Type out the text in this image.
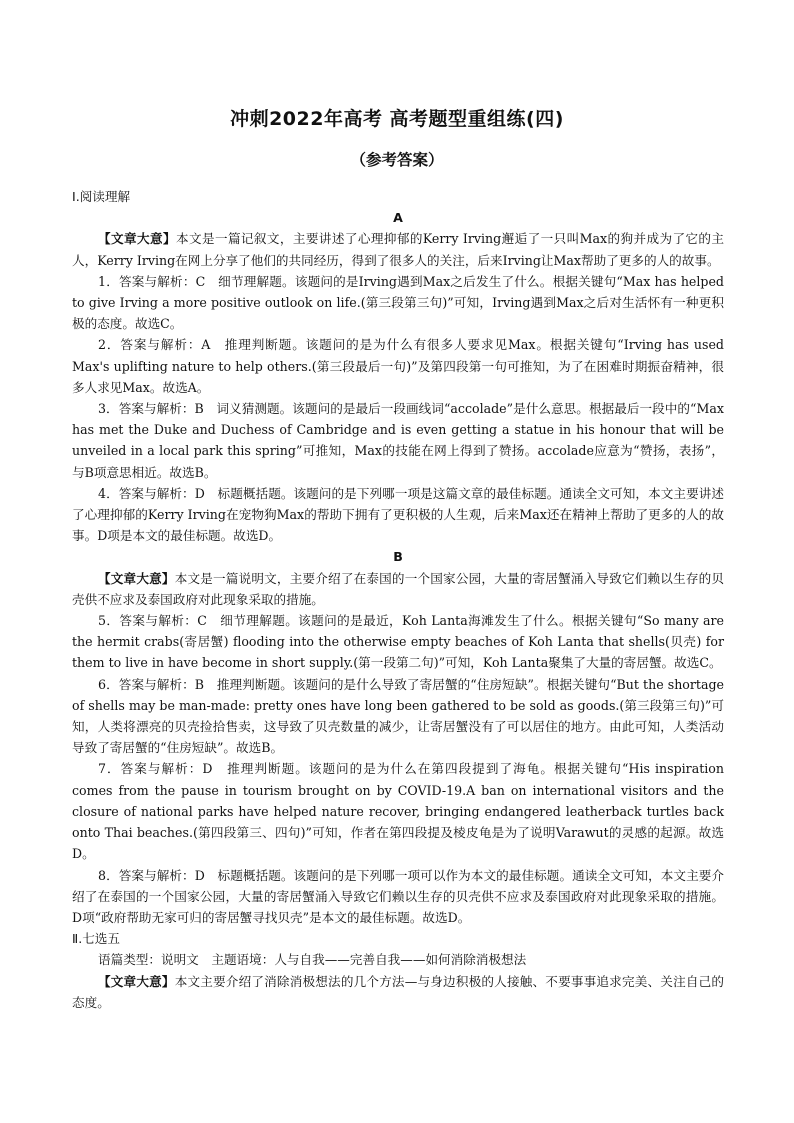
冲刺2022年高考 高考题型重组练(四)
（参考答案）

Ⅰ.阅读理解

A

【文章大意】本文是一篇记叙文，主要讲述了心理抑郁的Kerry Irving邂逅了一只叫Max的狗并成为了它的主人，Kerry Irving在网上分享了他们的共同经历，得到了很多人的关注，后来Irving让Max帮助了更多的人的故事。

1．答案与解析：C　细节理解题。该题问的是Irving遇到Max之后发生了什么。根据关键句“Max has helped to give Irving a more positive outlook on life.(第三段第三句)”可知，Irving遇到Max之后对生活怀有一种更积极的态度。故选C。

2．答案与解析：A　推理判断题。该题问的是为什么有很多人要求见Max。根据关键句“Irving has used Max's uplifting nature to help others.(第三段最后一句)”及第四段第一句可推知，为了在困难时期振奋精神，很多人求见Max。故选A。

3．答案与解析：B　词义猜测题。该题问的是最后一段画线词“accolade”是什么意思。根据最后一段中的“Max has met the Duke and Duchess of Cambridge and is even getting a statue in his honour that will be unveiled in a local park this spring”可推知，Max的技能在网上得到了赞扬。accolade应意为“赞扬，表扬”，与B项意思相近。故选B。

4．答案与解析：D　标题概括题。该题问的是下列哪一项是这篇文章的最佳标题。通读全文可知，本文主要讲述了心理抑郁的Kerry Irving在宠物狗Max的帮助下拥有了更积极的人生观，后来Max还在精神上帮助了更多的人的故事。D项是本文的最佳标题。故选D。

B

【文章大意】本文是一篇说明文，主要介绍了在泰国的一个国家公园，大量的寄居蟹涌入导致它们赖以生存的贝壳供不应求及泰国政府对此现象采取的措施。

5．答案与解析：C　细节理解题。该题问的是最近，Koh Lanta海滩发生了什么。根据关键句“So many are the hermit crabs(寄居蟹) flooding into the otherwise empty beaches of Koh Lanta that shells(贝壳) for them to live in have become in short supply.(第一段第二句)”可知，Koh Lanta聚集了大量的寄居蟹。故选C。

6．答案与解析：B　推理判断题。该题问的是什么导致了寄居蟹的“住房短缺”。根据关键句“But the shortage of shells may be man-made: pretty ones have long been gathered to be sold as goods.(第三段第三句)”可知，人类将漂亮的贝壳捡拾售卖，这导致了贝壳数量的减少，让寄居蟹没有了可以居住的地方。由此可知，人类活动导致了寄居蟹的“住房短缺”。故选B。

7．答案与解析：D　推理判断题。该题问的是为什么在第四段提到了海龟。根据关键句“His inspiration comes from the pause in tourism brought on by COVID-19.A ban on international visitors and the closure of national parks have helped nature recover, bringing endangered leatherback turtles back onto Thai beaches.(第四段第三、四句)”可知，作者在第四段提及棱皮龟是为了说明Varawut的灵感的起源。故选D。

8．答案与解析：D　标题概括题。该题问的是下列哪一项可以作为本文的最佳标题。通读全文可知，本文主要介绍了在泰国的一个国家公园，大量的寄居蟹涌入导致它们赖以生存的贝壳供不应求及泰国政府对此现象采取的措施。D项“政府帮助无家可归的寄居蟹寻找贝壳”是本文的最佳标题。故选D。

Ⅱ.七选五

语篇类型：说明文　主题语境：人与自我——完善自我——如何消除消极想法

【文章大意】本文主要介绍了消除消极想法的几个方法—与身边积极的人接触、不要事事追求完美、关注自己的态度。
